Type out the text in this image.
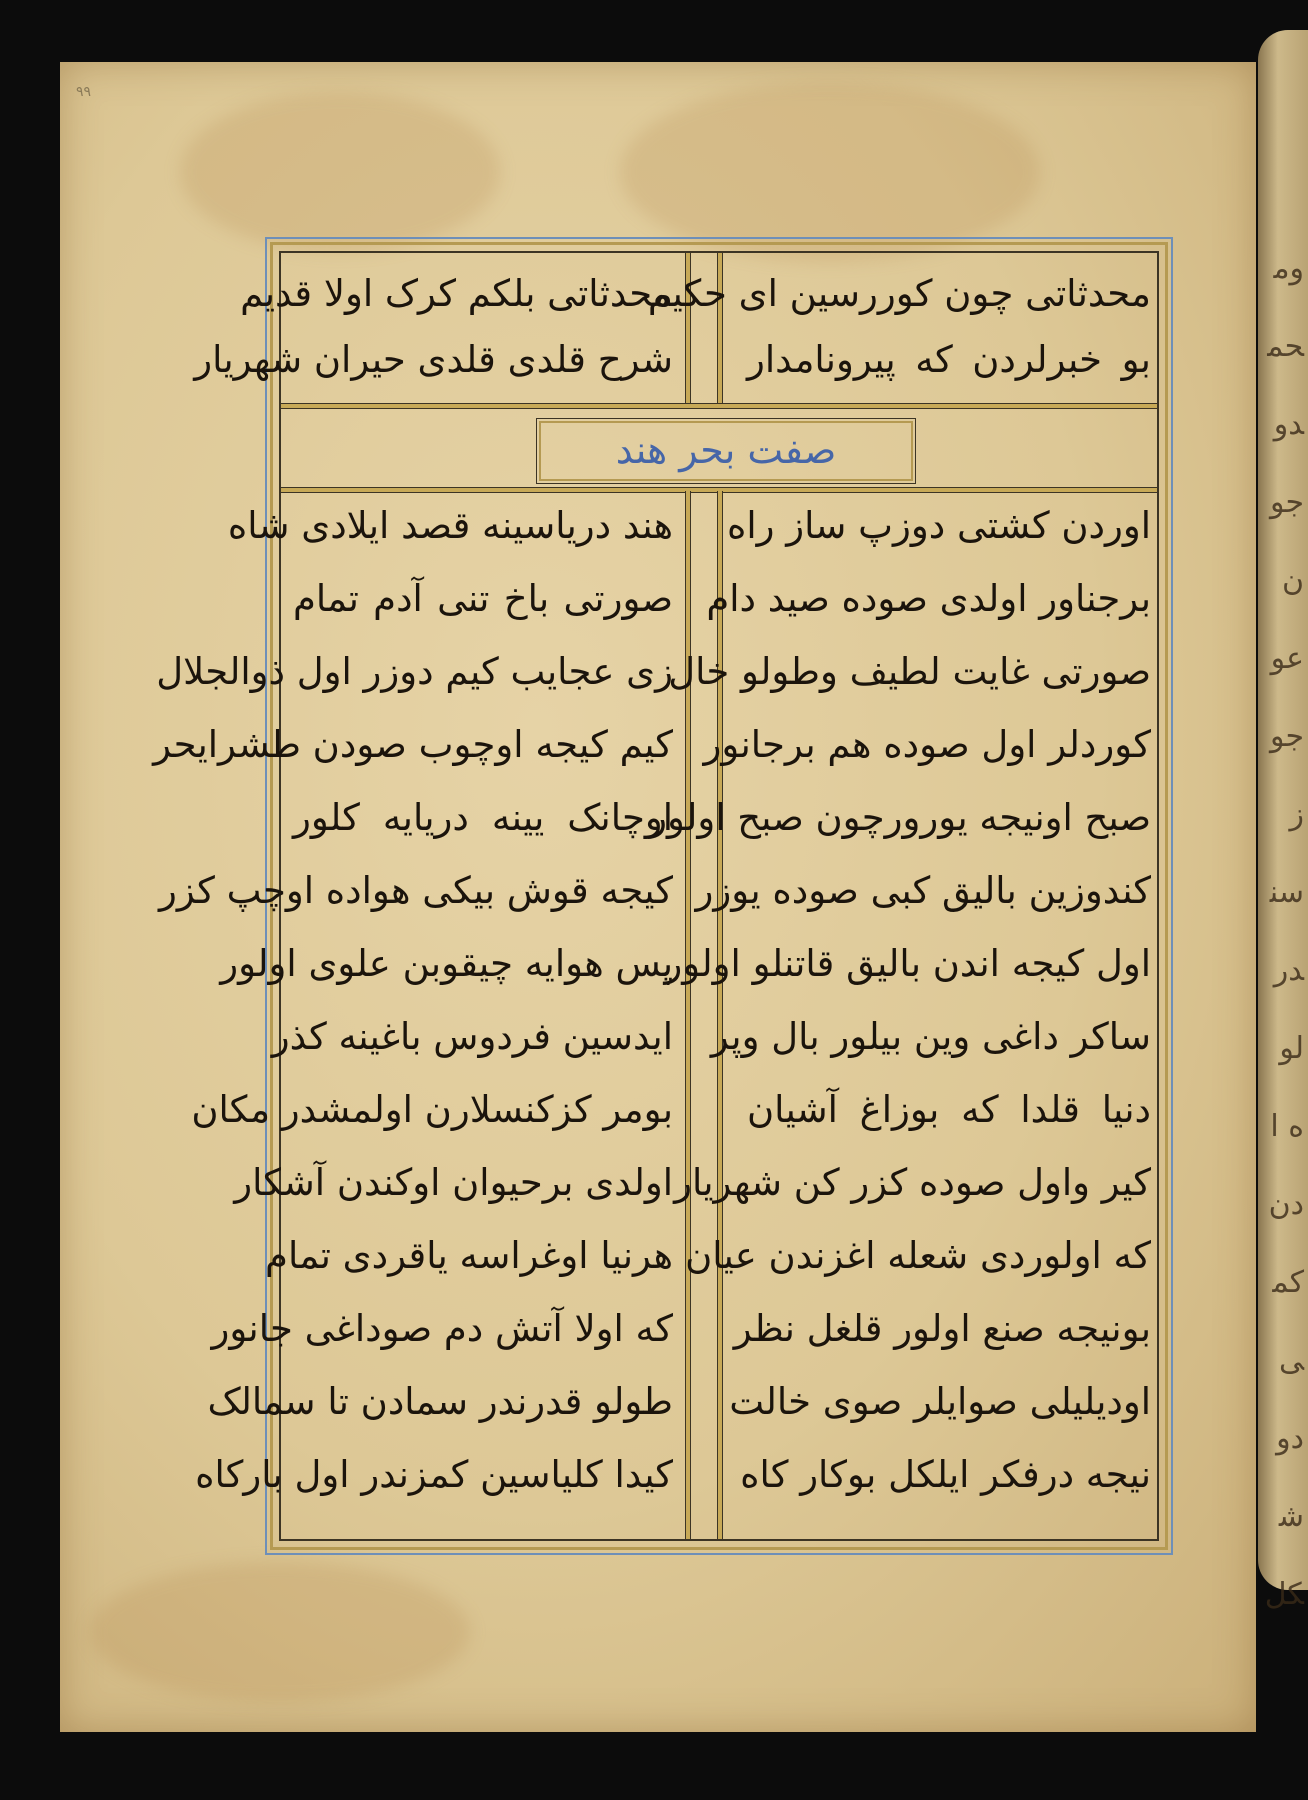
ومحمدو جون عو جوز سندر لوه ادن کمی دو شکل
٩٩
محدثاتی چون کوررسین ای حکیم
بو خبرلردن که پیرونامدار
محدثاتی بلکم کرک اولا قدیم
شرح قلدی قلدی حیران شهریار
صفت بحر هند
اوردن کشتی دوزپ ساز راه
برجناور اولدی صوده صید دام
صورتی غایت لطیف وطولو خال
کوردلر اول صوده هم برجانور
صبح اونیجه یورورچون صبح اولور
کندوزین بالیق کبی صوده یوزر
اول کیجه اندن بالیق قاتنلو اولور
ساکر داغی وین بیلور بال وپر
دنیا قلدا که بوزاغ آشیان
کیر واول صوده کزر کن شهریار
که اولوردی شعله اغزندن عیان
بونیجه صنع اولور قلغل نظر
اودیلیلی صوایلر صوی خالت
نیجه درفکر ایلکل بوکار کاه
هند دریاسینه قصد ایلادی شاه
صورتی باخ تنی آدم تمام
زی عجایب کیم دوزر اول ذوالجلال
کیم کیجه اوچوب صودن طشرایحر
اوچانک یینه دریایه کلور
کیجه قوش بیکی هواده اوچپ کزر
پس هوایه چیقوبن علوی اولور
ایدسین فردوس باغینه کذر
بومر کزکنسلارن اولمشدر مکان
اولدی برحیوان اوکندن آشکار
هرنیا اوغراسه یاقردی تمام
که اولا آتش دم صوداغی جانور
طولو قدرندر سمادن تا سمالک
کیدا کلیاسین کمزندر اول بارکاه
